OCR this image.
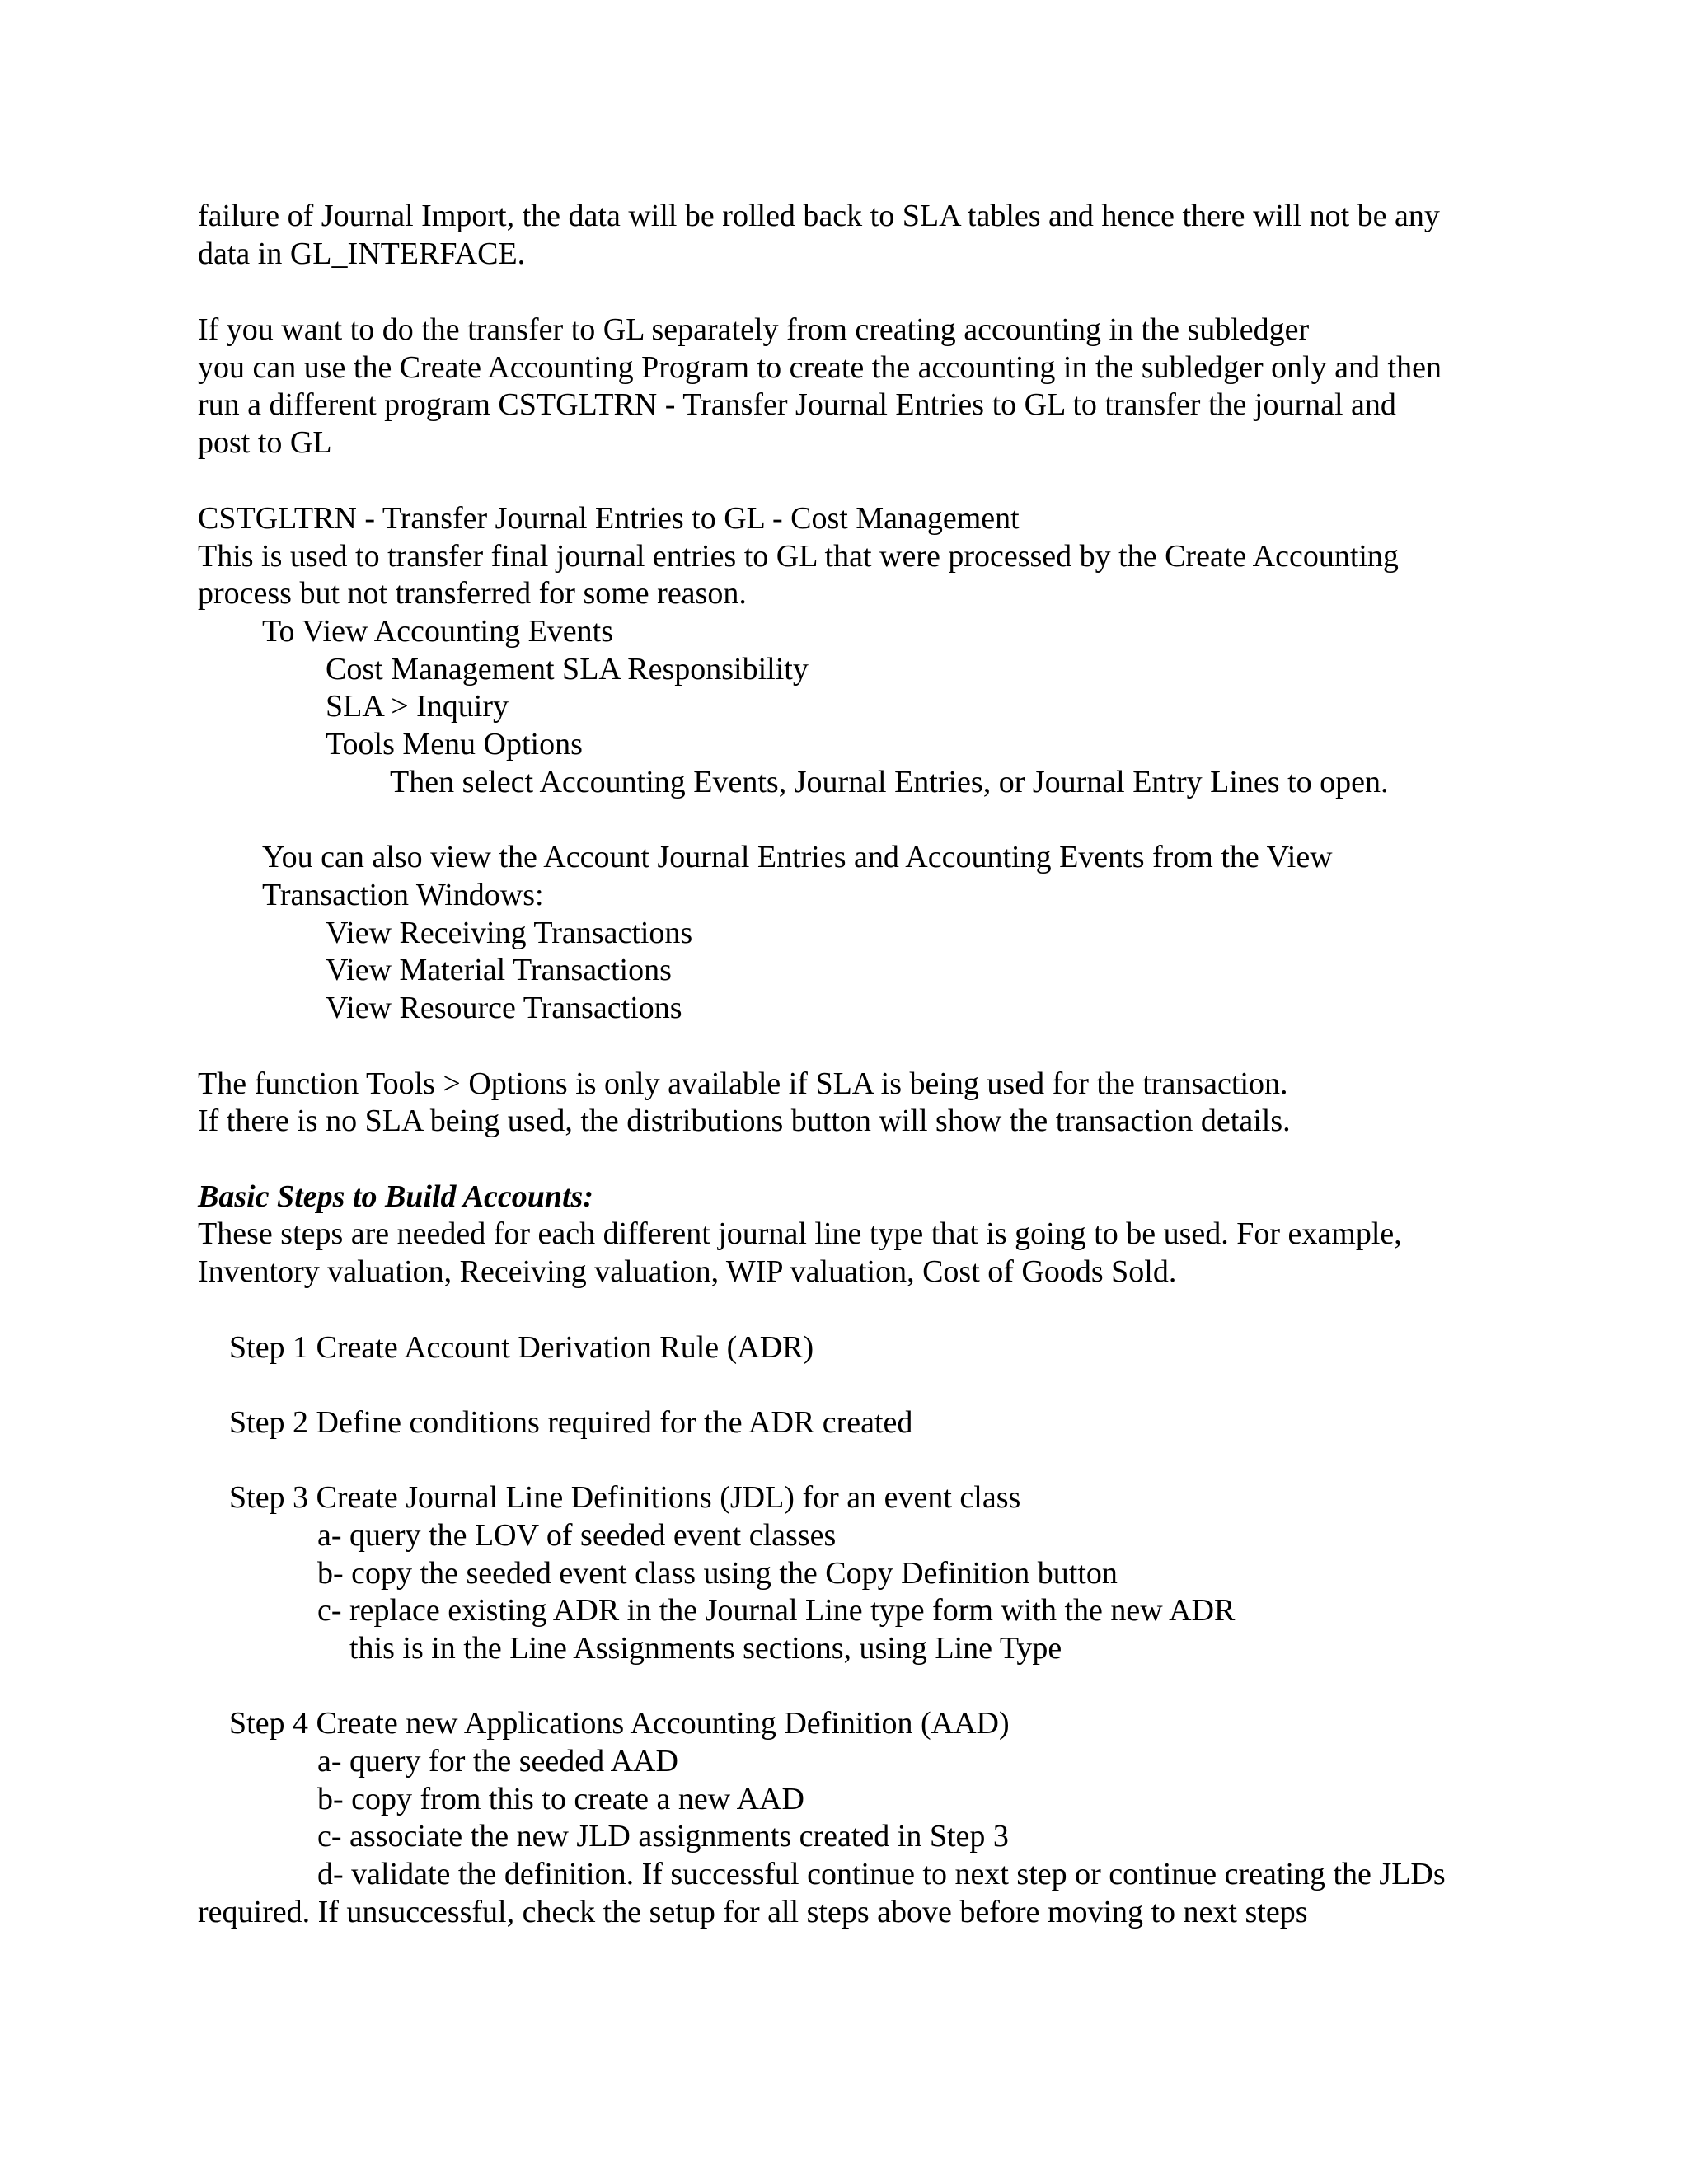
failure of Journal Import, the data will be rolled back to SLA tables and hence there will not be any
data in GL_INTERFACE.
If you want to do the transfer to GL separately from creating accounting in the subledger
you can use the Create Accounting Program to create the accounting in the subledger only and then
run a different program CSTGLTRN - Transfer Journal Entries to GL to transfer the journal and
post to GL
CSTGLTRN - Transfer Journal Entries to GL - Cost Management
This is used to transfer final journal entries to GL that were processed by the Create Accounting
process but not transferred for some reason.
To View Accounting Events
Cost Management SLA Responsibility
SLA > Inquiry
Tools Menu Options
Then select Accounting Events, Journal Entries, or Journal Entry Lines to open.
You can also view the Account Journal Entries and Accounting Events from the View
Transaction Windows:
View Receiving Transactions
View Material Transactions
View Resource Transactions
The function Tools > Options is only available if SLA is being used for the transaction.
If there is no SLA being used, the distributions button will show the transaction details.
Basic Steps to Build Accounts:
These steps are needed for each different journal line type that is going to be used. For example,
Inventory valuation, Receiving valuation, WIP valuation, Cost of Goods Sold.
Step 1 Create Account Derivation Rule (ADR)
Step 2 Define conditions required for the ADR created
Step 3 Create Journal Line Definitions (JDL) for an event class
a- query the LOV of seeded event classes
b- copy the seeded event class using the Copy Definition button
c- replace existing ADR in the Journal Line type form with the new ADR
this is in the Line Assignments sections, using Line Type
Step 4 Create new Applications Accounting Definition (AAD)
a- query for the seeded AAD
b- copy from this to create a new AAD
c- associate the new JLD assignments created in Step 3
d- validate the definition. If successful continue to next step or continue creating the JLDs
required. If unsuccessful, check the setup for all steps above before moving to next steps
